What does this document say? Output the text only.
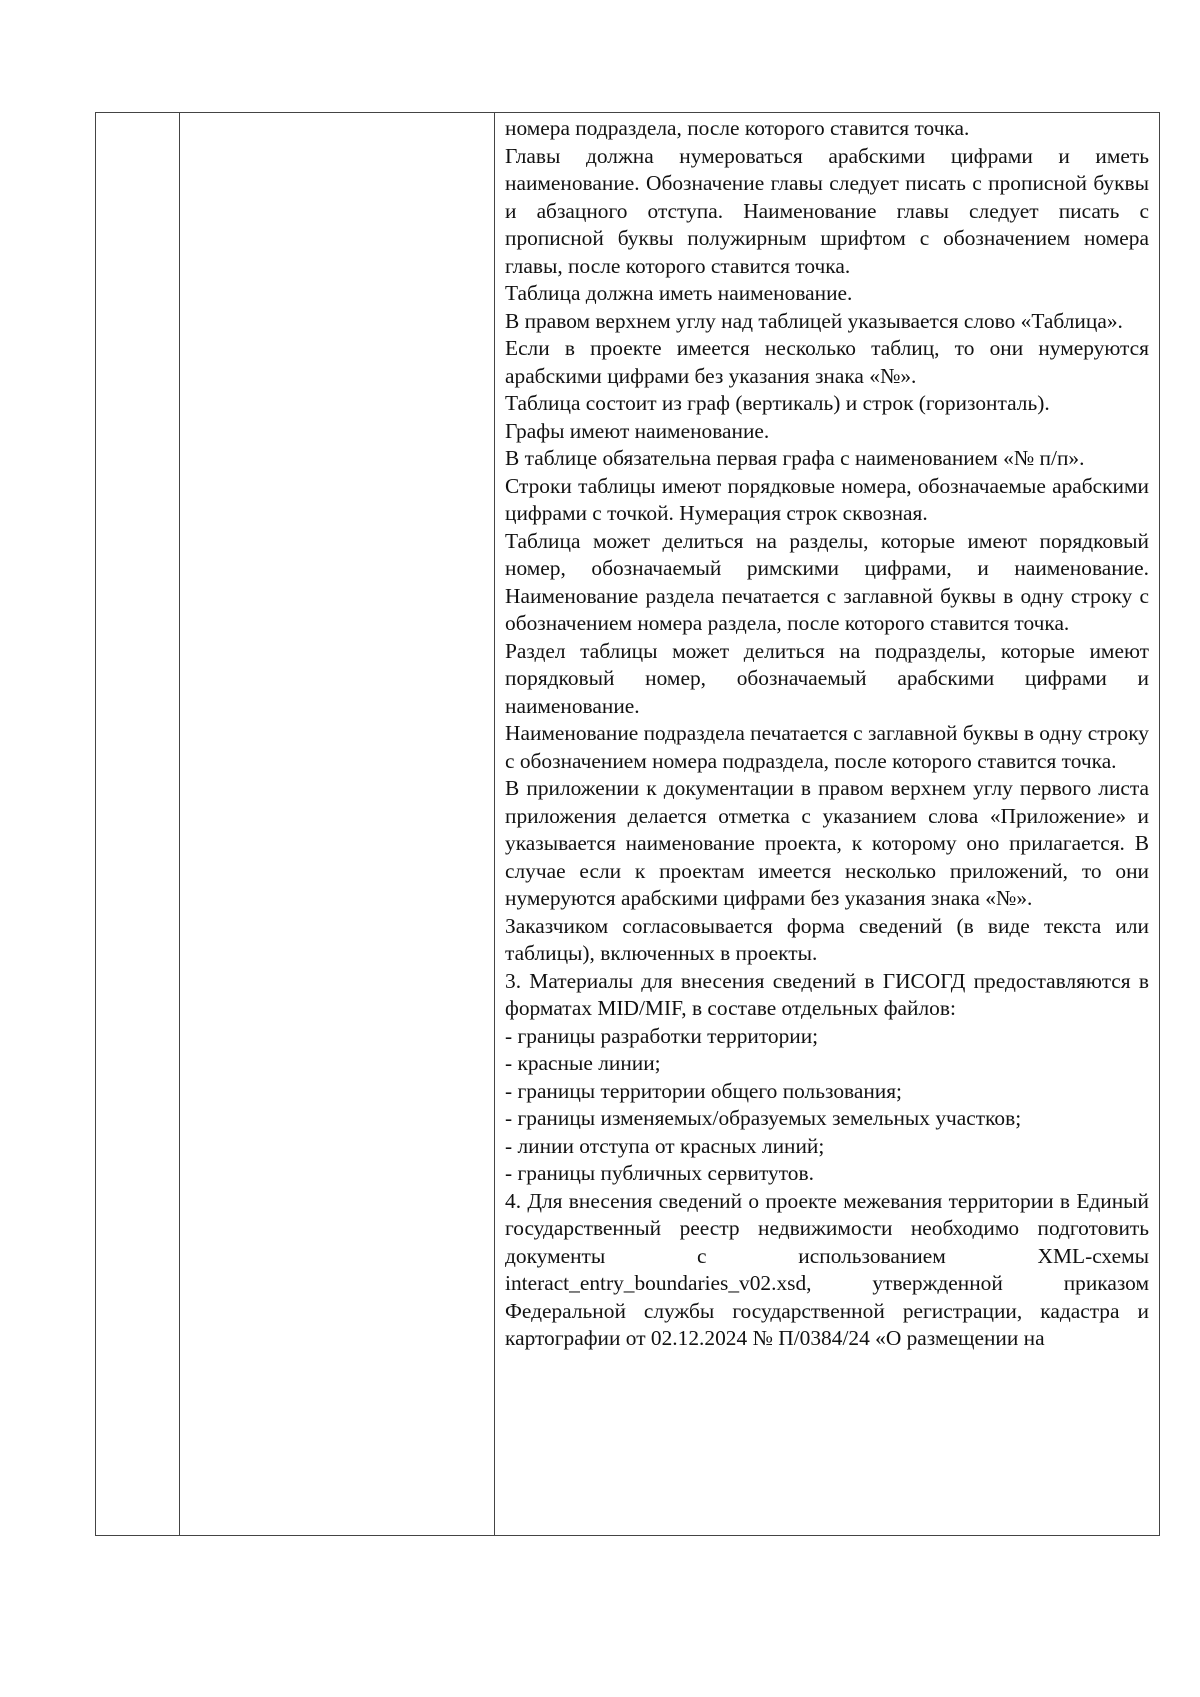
номера подраздела, после которого ставится точка.

Главы должна нумероваться арабскими цифрами и иметь наименование. Обозначение главы следует писать с прописной буквы и абзацного отступа. Наименование главы следует писать с прописной буквы полужирным шрифтом с обозначением номера главы, после которого ставится точка.

Таблица должна иметь наименование.

В правом верхнем углу над таблицей указывается слово «Таблица».

Если в проекте имеется несколько таблиц, то они нумеруются арабскими цифрами без указания знака «№».

Таблица состоит из граф (вертикаль) и строк (горизонталь).

Графы имеют наименование.

В таблице обязательна первая графа с наименованием «№ п/п».

Строки таблицы имеют порядковые номера, обозначаемые арабскими цифрами с точкой. Нумерация строк сквозная.

Таблица может делиться на разделы, которые имеют порядковый номер, обозначаемый римскими цифрами, и наименование. Наименование раздела печатается с заглавной буквы в одну строку с обозначением номера раздела, после которого ставится точка.

Раздел таблицы может делиться на подразделы, которые имеют порядковый номер, обозначаемый арабскими цифрами и наименование.

Наименование подраздела печатается с заглавной буквы в одну строку с обозначением номера подраздела, после которого ставится точка.

В приложении к документации в правом верхнем углу первого листа приложения делается отметка с указанием слова «Приложение» и указывается наименование проекта, к которому оно прилагается. В случае если к проектам имеется несколько приложений, то они нумеруются арабскими цифрами без указания знака «№».

Заказчиком согласовывается форма сведений (в виде текста или таблицы), включенных в проекты.

3. Материалы для внесения сведений в ГИСОГД предоставляются в форматах MID/MIF, в составе отдельных файлов:

- границы разработки территории;

- красные линии;

- границы территории общего пользования;

- границы изменяемых/образуемых земельных участков;

- линии отступа от красных линий;

- границы публичных сервитутов.

4. Для внесения сведений о проекте межевания территории в Единый государственный реестр недвижимости необходимо подготовить документы с использованием XML-схемы interact_entry_boundaries_v02.xsd, утвержденной приказом Федеральной службы государственной регистрации, кадастра и картографии от 02.12.2024 № П/0384/24 «О размещении на
